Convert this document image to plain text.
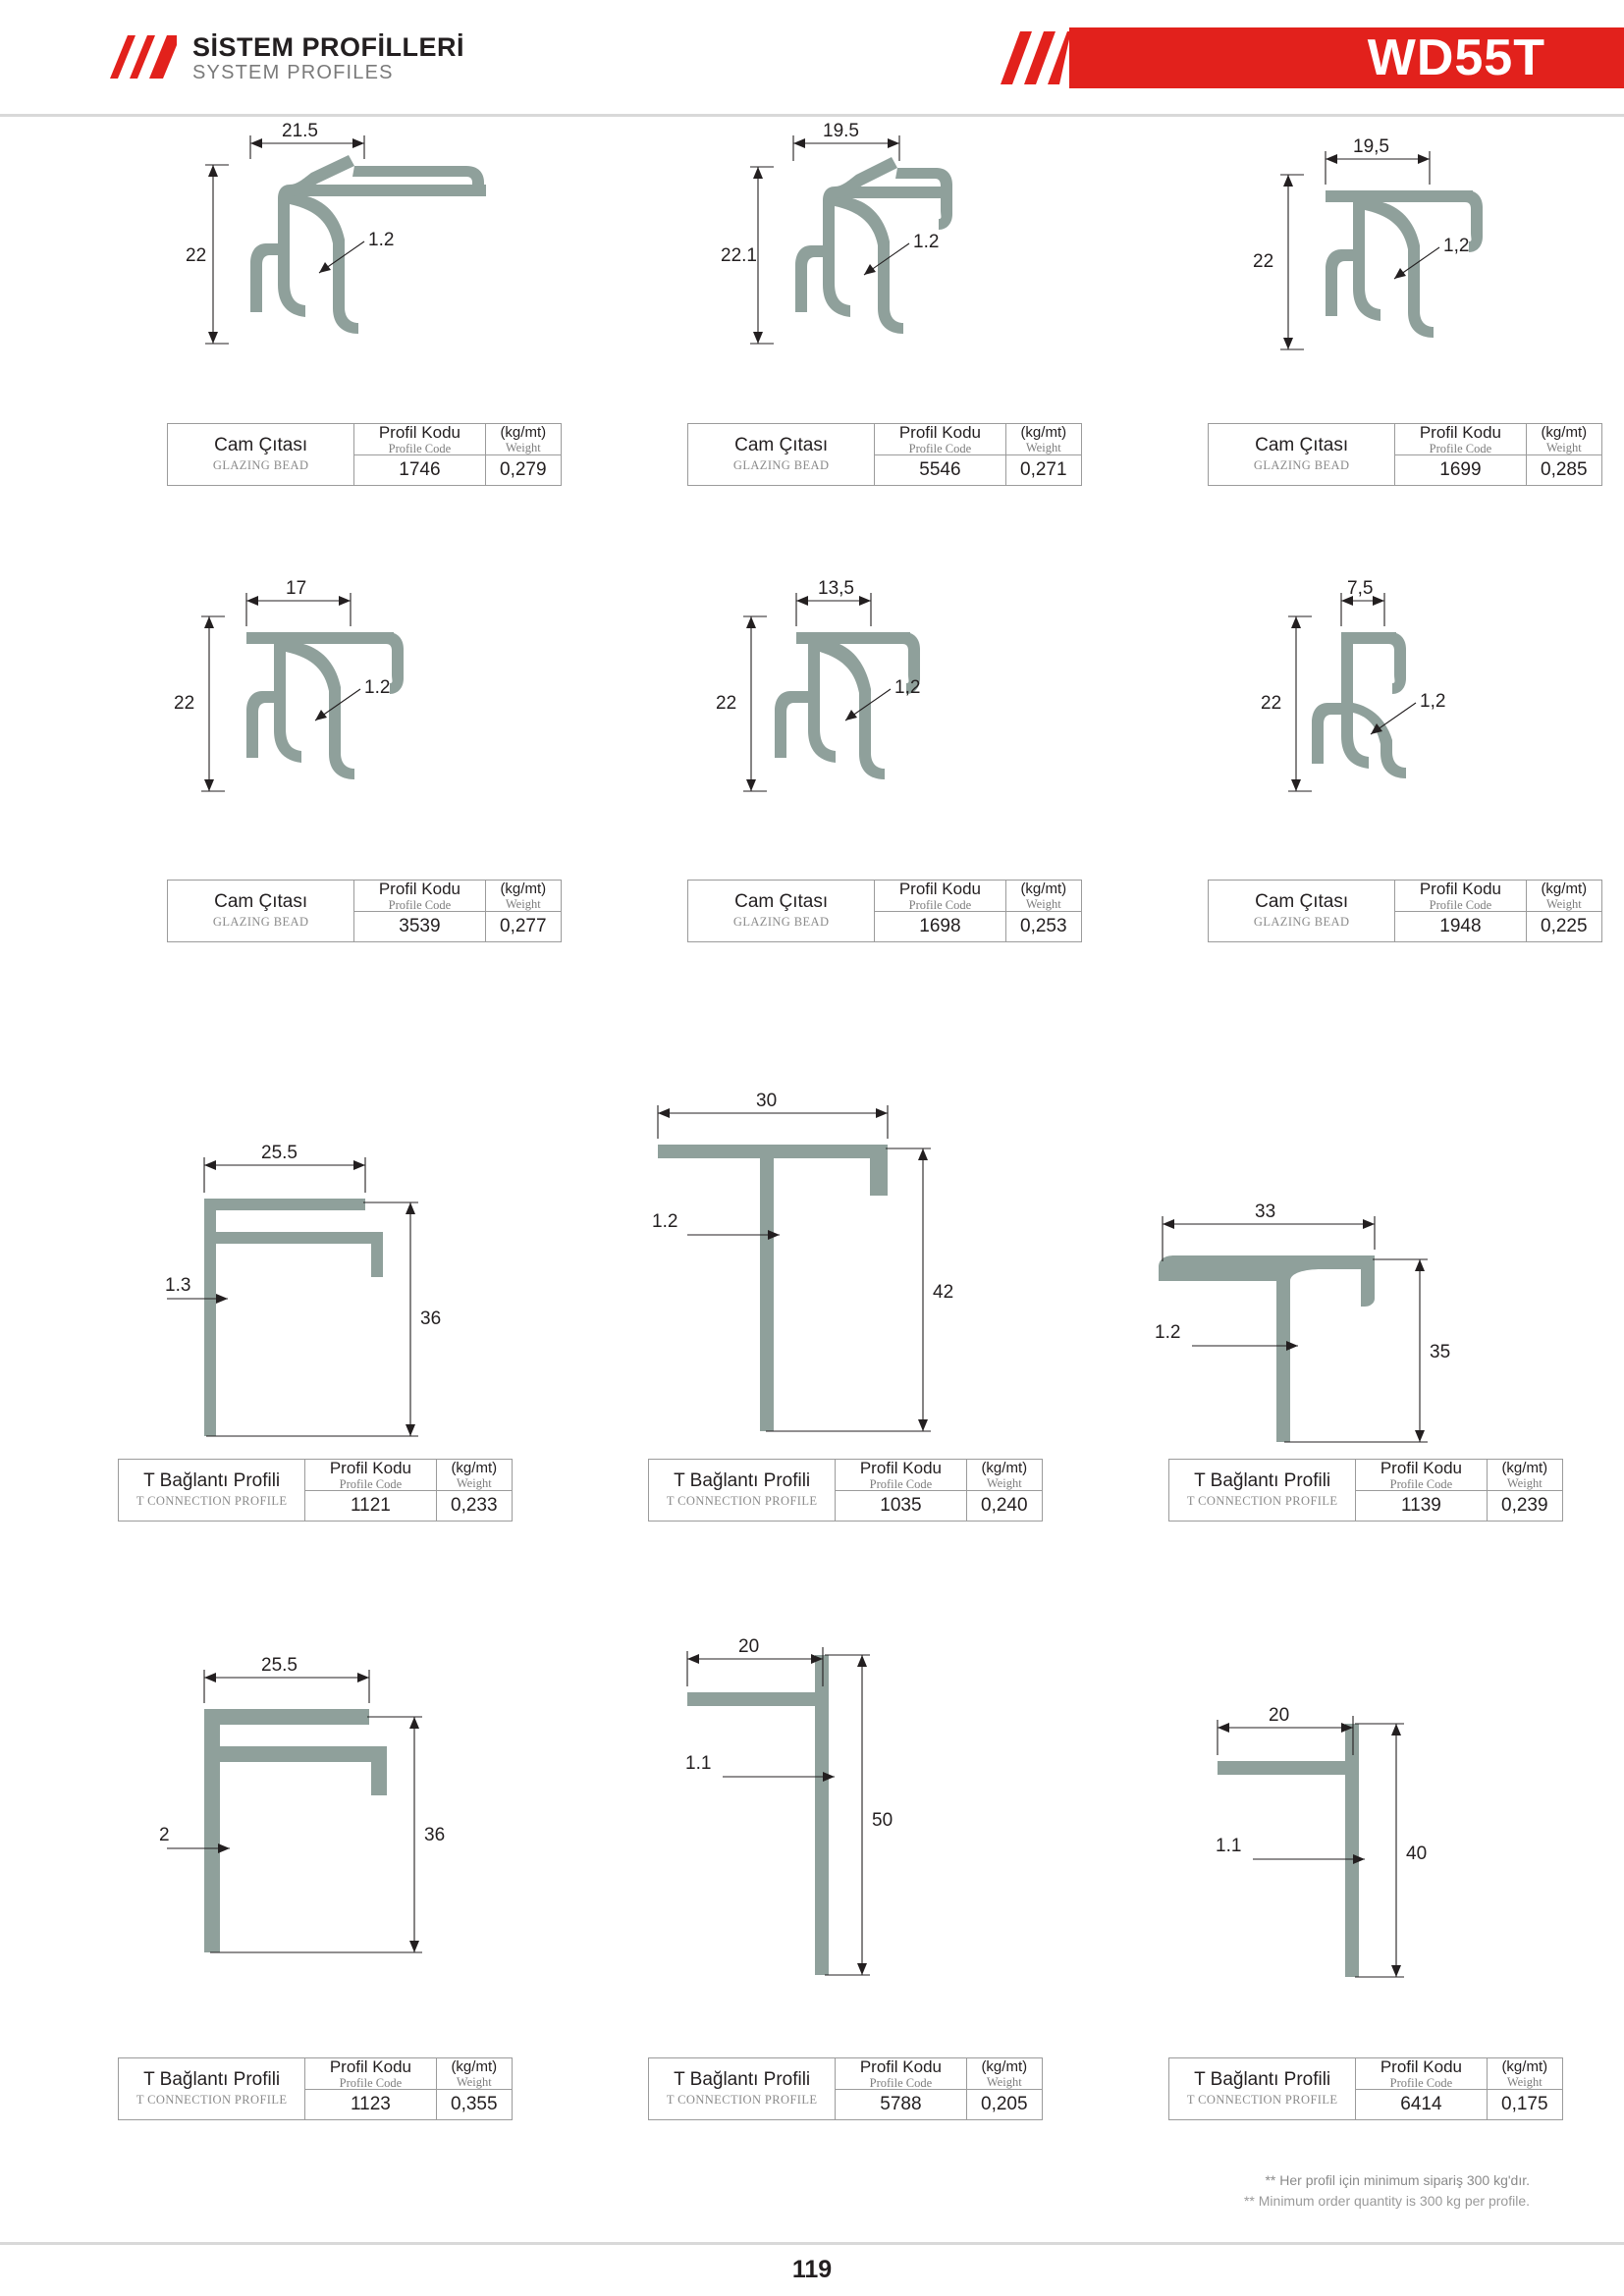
SİSTEM PROFİLLERİ
SYSTEM PROFILES	WD55T
21.5
22
1.2
Cam Çıtası
GLAZING BEAD
Profil Kodu
Profile Code
1746
(kg/mt)
Weight
0,279
19.5
22.1
1.2
Cam Çıtası
GLAZING BEAD
Profil Kodu
Profile Code
5546
(kg/mt)
Weight
0,271
19,5
22
1,2
Cam Çıtası
GLAZING BEAD
Profil Kodu
Profile Code
1699
(kg/mt)
Weight
0,285
17
22
1.2
Cam Çıtası
GLAZING BEAD
Profil Kodu
Profile Code
3539
(kg/mt)
Weight
0,277
13,5
22
1,2
Cam Çıtası
GLAZING BEAD
Profil Kodu
Profile Code
1698
(kg/mt)
Weight
0,253
7,5
22	1,2
Cam Çıtası
GLAZING BEAD
Profil Kodu
Profile Code
1948
(kg/mt)
Weight
0,225
25.5
36
1.3
T Bağlantı Profili
T CONNECTION PROFILE
Profil Kodu
Profile Code
1121
(kg/mt)
Weight
0,233
30
42
1.2
T Bağlantı Profili
T CONNECTION PROFILE
Profil Kodu
Profile Code
1035
(kg/mt)
Weight
0,240
33
35
1.2
T Bağlantı Profili
T CONNECTION PROFILE
Profil Kodu
Profile Code
1139
(kg/mt)
Weight
0,239
25.5
36
2
T Bağlantı Profili
T CONNECTION PROFILE
Profil Kodu
Profile Code
1123
(kg/mt)
Weight
0,355
20
50
1.1
T Bağlantı Profili
T CONNECTION PROFILE
Profil Kodu
Profile Code
5788
(kg/mt)
Weight
0,205
20
40
1.1
T Bağlantı Profili
T CONNECTION PROFILE
Profil Kodu
Profile Code
6414
(kg/mt)
Weight
0,175
** Her profil için minimum sipariş 300 kg'dır.
** Minimum order quantity is 300 kg per profile.
119
